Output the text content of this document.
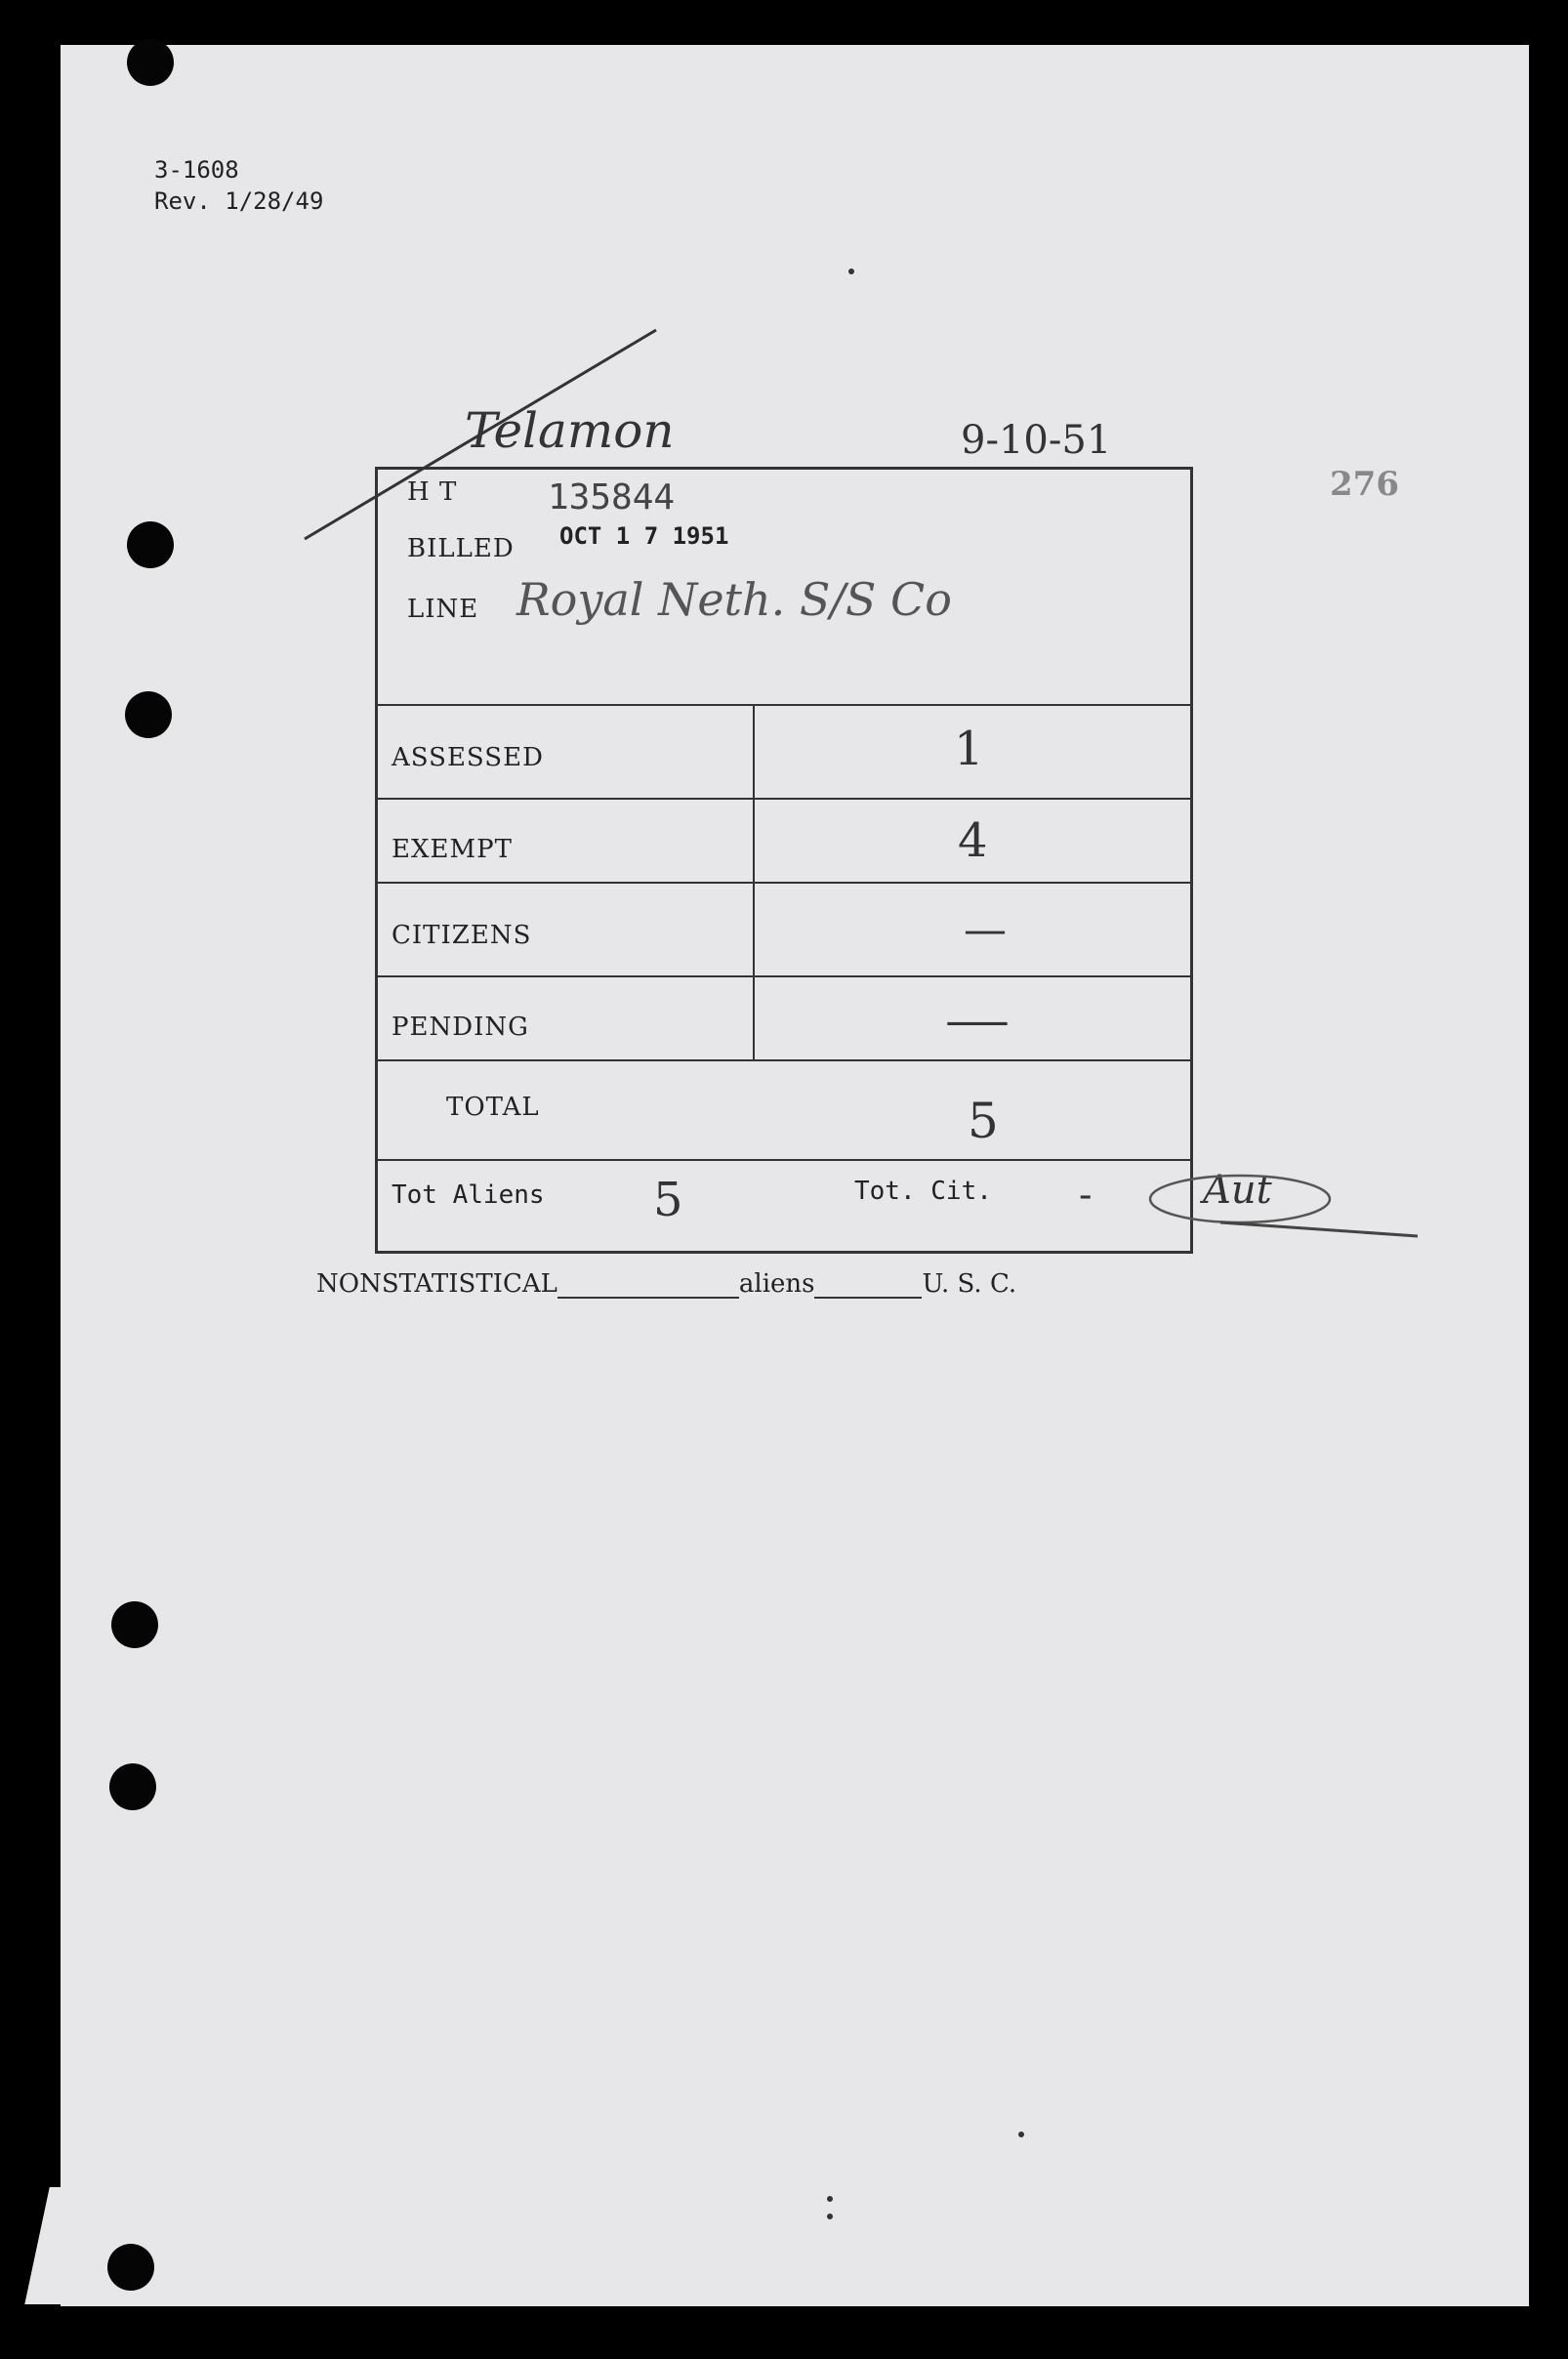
3-1608
Rev. 1/28/49
Telamon	9-10-51
276
H T	135844
BILLED OCT 1 7 1951
LINE Royal Neth. S/S Co
ASSESSED	1
EXEMPT	4
CITIZENS	—
PENDING	—
TOTAL	5
Tot Aliens 5	Tot. Cit. -	Aut
NONSTATISTICAL	aliens	U. S. C.
